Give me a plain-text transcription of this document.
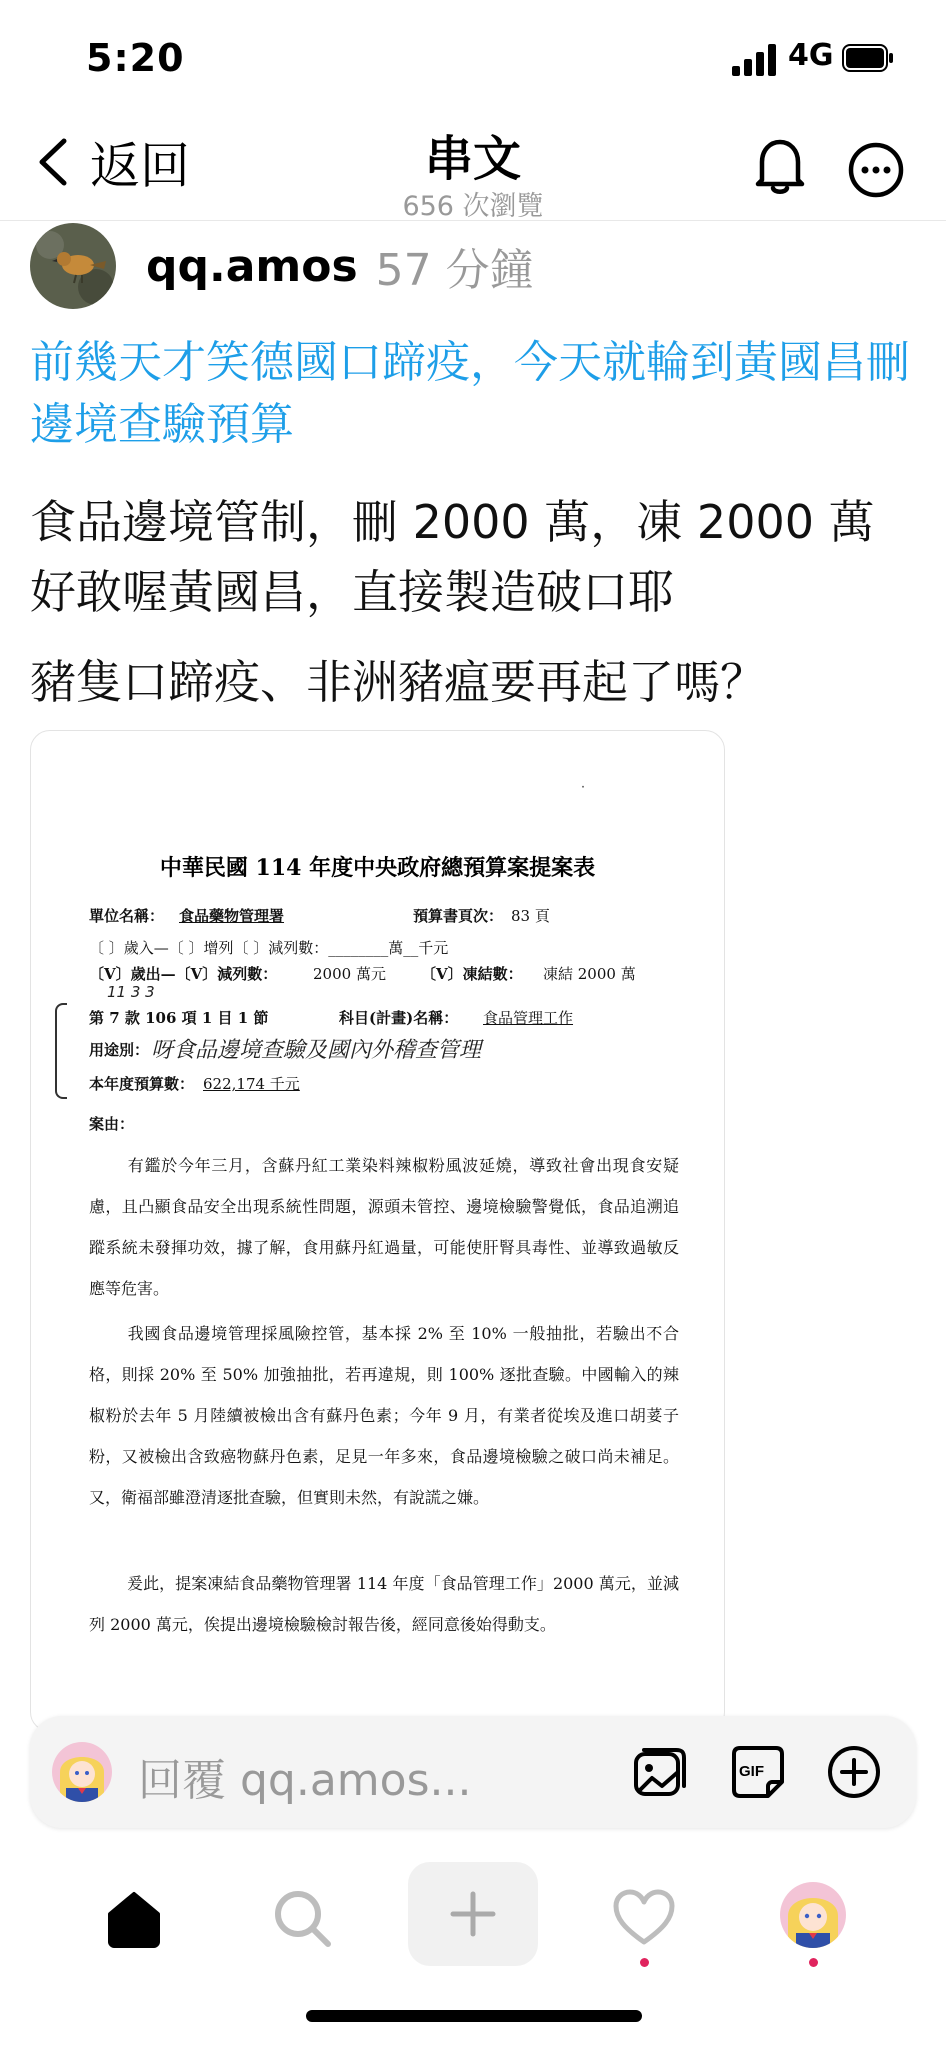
5:20	4G
返回	串文
656 次瀏覽
qq.amos 57 分鐘
前幾天才笑德國口蹄疫，今天就輪到黃國昌刪邊境查驗預算
食品邊境管制，刪 2000 萬，凍 2000 萬
好敢喔黃國昌，直接製造破口耶
豬隻口蹄疫、非洲豬瘟要再起了嗎？
˙
中華民國 114 年度中央政府總預算案提案表
單位名稱： 食品藥物管理署	預算書頁次： 83 頁
〔 〕歲入—〔 〕增列〔 〕減列數：________萬__千元
〔V〕歲出—〔V〕減列數： 2000 萬元 〔V〕凍結數： 凍結 2000 萬
11 3 3
第 7 款 106 項 1 目 1 節	科目(計畫)名稱： 食品管理工作
用途別： 呀食品邊境查驗及國內外稽查管理
本年度預算數： 622,174 千元
案由：
有鑑於今年三月，含蘇丹紅工業染料辣椒粉風波延燒，導致社會出現食安疑慮，且凸顯食品安全出現系統性問題，源頭未管控、邊境檢驗警覺低，食品追溯追蹤系統未發揮功效，據了解，食用蘇丹紅過量，可能使肝腎具毒性、並導致過敏反應等危害。
我國食品邊境管理採風險控管，基本採 2% 至 10% 一般抽批，若驗出不合格，則採 20% 至 50% 加強抽批，若再違規，則 100% 逐批查驗。中國輸入的辣椒粉於去年 5 月陸續被檢出含有蘇丹色素；今年 9 月，有業者從埃及進口胡荽子粉，又被檢出含致癌物蘇丹色素，足見一年多來，食品邊境檢驗之破口尚未補足。又，衛福部雖澄清逐批查驗，但實則未然，有說謊之嫌。
爰此，提案凍結食品藥物管理署 114 年度「食品管理工作」2000 萬元，並減列 2000 萬元，俟提出邊境檢驗檢討報告後，經同意後始得動支。
回覆 qq.amos...	GIF
